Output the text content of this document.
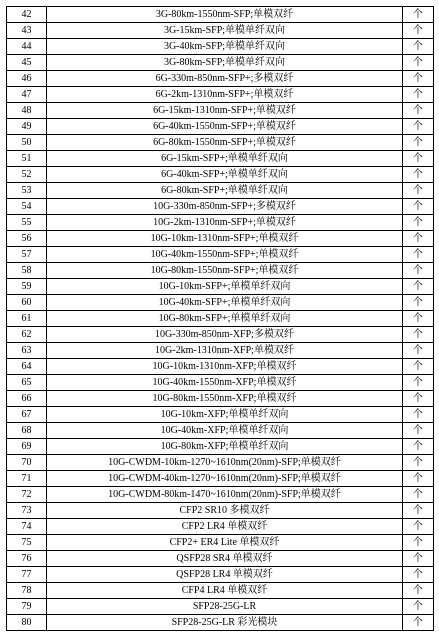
42	3G-80km-1550nm-SFP;单模双纤	个
43	3G-15km-SFP;单模单纤双向	个
44	3G-40km-SFP;单模单纤双向	个
45	3G-80km-SFP;单模单纤双向	个
46	6G-330m-850nm-SFP+;多模双纤	个
47	6G-2km-1310nm-SFP+;单模双纤	个
48	6G-15km-1310nm-SFP+;单模双纤	个
49	6G-40km-1550nm-SFP+;单模双纤	个
50	6G-80km-1550nm-SFP+;单模双纤	个
51	6G-15km-SFP+;单模单纤双向	个
52	6G-40km-SFP+;单模单纤双向	个
53	6G-80km-SFP+;单模单纤双向	个
54	10G-330m-850nm-SFP+;多模双纤	个
55	10G-2km-1310nm-SFP+;单模双纤	个
56	10G-10km-1310nm-SFP+;单模双纤	个
57	10G-40km-1550nm-SFP+;单模双纤	个
58	10G-80km-1550nm-SFP+;单模双纤	个
59	10G-10km-SFP+;单模单纤双向	个
60	10G-40km-SFP+;单模单纤双向	个
61	10G-80km-SFP+;单模单纤双向	个
62	10G-330m-850nm-XFP;多模双纤	个
63	10G-2km-1310nm-XFP;单模双纤	个
64	10G-10km-1310nm-XFP;单模双纤	个
65	10G-40km-1550nm-XFP;单模双纤	个
66	10G-80km-1550nm-XFP;单模双纤	个
67	10G-10km-XFP;单模单纤双向	个
68	10G-40km-XFP;单模单纤双向	个
69	10G-80km-XFP;单模单纤双向	个
70	10G-CWDM-10km-1270~1610nm(20nm)-SFP;单模双纤	个
71	10G-CWDM-40km-1270~1610nm(20nm)-SFP;单模双纤	个
72	10G-CWDM-80km-1470~1610nm(20nm)-SFP;单模双纤	个
73	CFP2 SR10 多模双纤	个
74	CFP2 LR4 单模双纤	个
75	CFP2+ ER4 Lite 单模双纤	个
76	QSFP28 SR4 单模双纤	个
77	QSFP28 LR4 单模双纤	个
78	CFP4 LR4 单模双纤	个
79	SFP28-25G-LR	个
80	SFP28-25G-LR 彩光模块	个
